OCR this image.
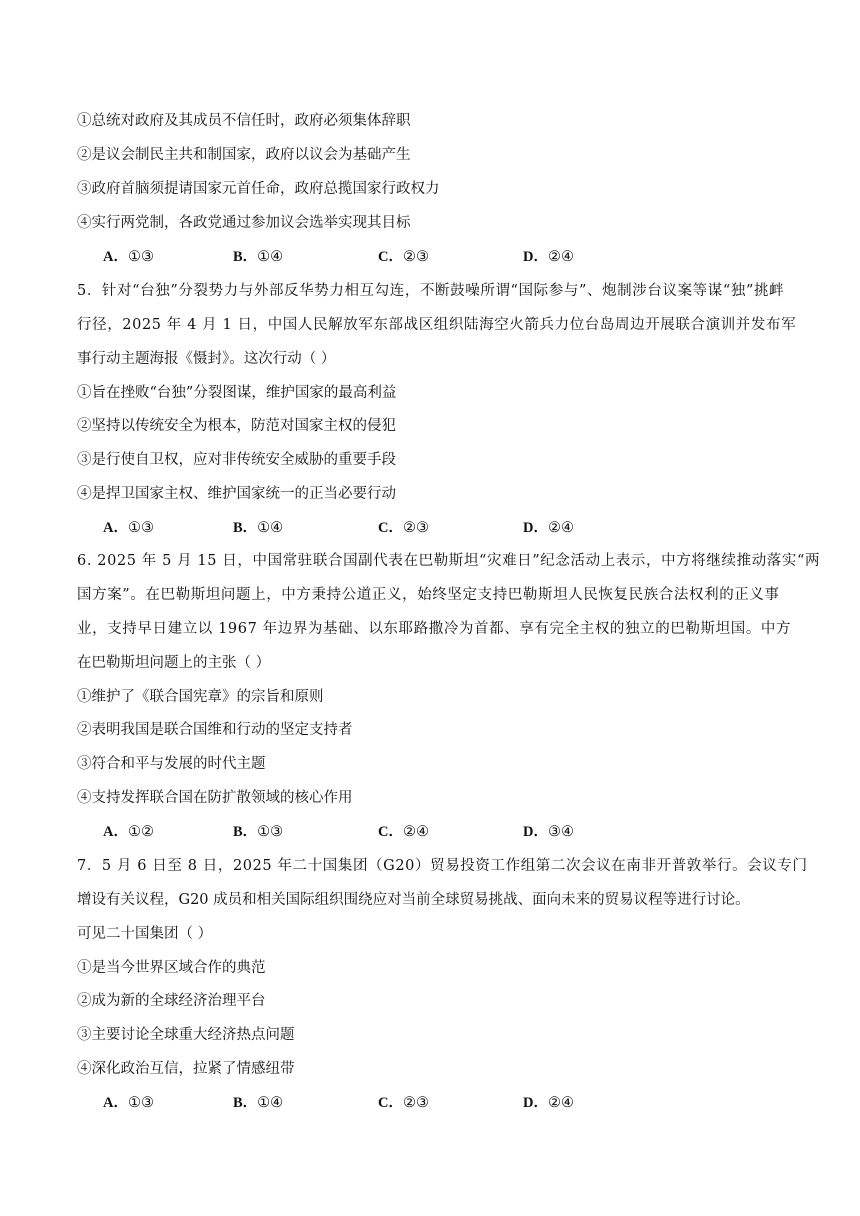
①总统对政府及其成员不信任时，政府必须集体辞职
②是议会制民主共和制国家，政府以议会为基础产生
③政府首脑须提请国家元首任命，政府总揽国家行政权力
④实行两党制，各政党通过参加议会选举实现其目标
A．①③	B．①④	C．②③	D．②④
5．针对“台独”分裂势力与外部反华势力相互勾连，不断鼓噪所谓“国际参与”、炮制涉台议案等谋“独”挑衅
行径，2025 年 4 月 1 日，中国人民解放军东部战区组织陆海空火箭兵力位台岛周边开展联合演训并发布军
事行动主题海报《慑封》。这次行动（ ）
①旨在挫败“台独”分裂图谋，维护国家的最高利益
②坚持以传统安全为根本，防范对国家主权的侵犯
③是行使自卫权，应对非传统安全威胁的重要手段
④是捍卫国家主权、维护国家统一的正当必要行动
A．①③	B．①④	C．②③	D．②④
6. 2025 年 5 月 15 日，中国常驻联合国副代表在巴勒斯坦“灾难日”纪念活动上表示，中方将继续推动落实“两
国方案”。在巴勒斯坦问题上，中方秉持公道正义，始终坚定支持巴勒斯坦人民恢复民族合法权利的正义事
业，支持早日建立以 1967 年边界为基础、以东耶路撒冷为首都、享有完全主权的独立的巴勒斯坦国。中方
在巴勒斯坦问题上的主张（ ）
①维护了《联合国宪章》的宗旨和原则
②表明我国是联合国维和行动的坚定支持者
③符合和平与发展的时代主题
④支持发挥联合国在防扩散领域的核心作用
A．①②	B．①③	C．②④	D．③④
7．5 月 6 日至 8 日，2025 年二十国集团（G20）贸易投资工作组第二次会议在南非开普敦举行。会议专门
增设有关议程，G20 成员和相关国际组织围绕应对当前全球贸易挑战、面向未来的贸易议程等进行讨论。
可见二十国集团（ ）
①是当今世界区域合作的典范
②成为新的全球经济治理平台
③主要讨论全球重大经济热点问题
④深化政治互信，拉紧了情感纽带
A．①③	B．①④	C．②③	D．②④
